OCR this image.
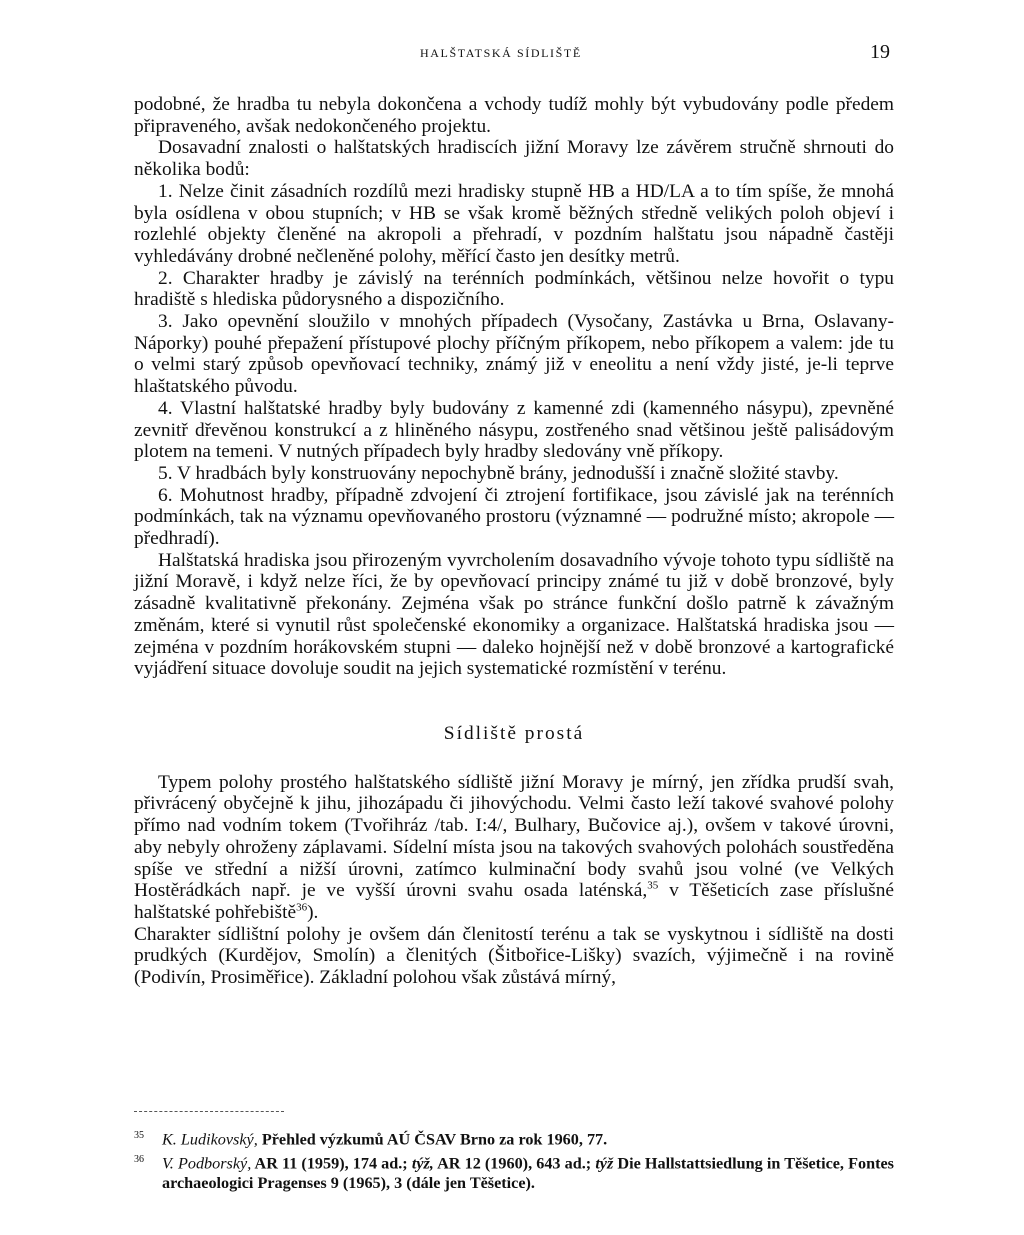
HALŠTATSKÁ SÍDLIŠTĚ	19

podobné, že hradba tu nebyla dokončena a vchody tudíž mohly být vybudovány podle předem připraveného, avšak nedokončeného projektu.

Dosavadní znalosti o halštatských hradiscích jižní Moravy lze závěrem stručně shrnouti do několika bodů:

1. Nelze činit zásadních rozdílů mezi hradisky stupně HB a HD/LA a to tím spíše, že mnohá byla osídlena v obou stupních; v HB se však kromě běžných středně velikých poloh objeví i rozlehlé objekty členěné na akropoli a přehradí, v pozdním halštatu jsou nápadně častěji vyhledávány drobné nečleněné polohy, měřící často jen desítky metrů.

2. Charakter hradby je závislý na terénních podmínkách, většinou nelze hovořit o typu hradiště s hlediska půdorysného a dispozičního.

3. Jako opevnění sloužilo v mnohých případech (Vysočany, Zastávka u Brna, Oslavany-Náporky) pouhé přepažení přístupové plochy příčným příkopem, nebo příkopem a valem: jde tu o velmi starý způsob opevňovací techniky, známý již v eneolitu a není vždy jisté, je-li teprve hlaštatského původu.

4. Vlastní halštatské hradby byly budovány z kamenné zdi (kamenného násypu), zpevněné zevnitř dřevěnou konstrukcí a z hliněného násypu, zostřeného snad většinou ještě palisádovým plotem na temeni. V nutných případech byly hradby sledovány vně příkopy.

5. V hradbách byly konstruovány nepochybně brány, jednodušší i značně složité stavby.

6. Mohutnost hradby, případně zdvojení či ztrojení fortifikace, jsou závislé jak na terénních podmínkách, tak na významu opevňovaného prostoru (významné — podružné místo; akropole — předhradí).

Halštatská hradiska jsou přirozeným vyvrcholením dosavadního vývoje tohoto typu sídliště na jižní Moravě, i když nelze říci, že by opevňovací principy známé tu již v době bronzové, byly zásadně kvalitativně překonány. Zejména však po stránce funkční došlo patrně k závažným změnám, které si vynutil růst společenské ekonomiky a organizace. Halštatská hradiska jsou — zejména v pozdním horákovském stupni — daleko hojnější než v době bronzové a kartografické vyjádření situace dovoluje soudit na jejich systematické rozmístění v terénu.

Sídliště prostá

Typem polohy prostého halštatského sídliště jižní Moravy je mírný, jen zřídka prudší svah, přivrácený obyčejně k jihu, jihozápadu či jihovýchodu. Velmi často leží takové svahové polohy přímo nad vodním tokem (Tvořihráz /tab. I:4/, Bulhary, Bučovice aj.), ovšem v takové úrovni, aby nebyly ohroženy záplavami. Sídelní místa jsou na takových svahových polohách soustředěna spíše ve střední a nižší úrovni, zatímco kulminační body svahů jsou volné (ve Velkých Hostěrádkách např. je ve vyšší úrovni svahu osada laténská,$^{35}$ v Těšeticích zase příslušné halštatské pohřebiště$^{36}$).

Charakter sídlištní polohy je ovšem dán členitostí terénu a tak se vyskytnou i sídliště na dosti prudkých (Kurdějov, Smolín) a členitých (Šitbořice-Lišky) svazích, výjimečně i na rovině (Podivín, Prosiměřice). Základní polohou však zůstává mírný,

35 K. Ludikovský, Přehled výzkumů AÚ ČSAV Brno za rok 1960, 77.

36 V. Podborský, AR 11 (1959), 174 ad.; týž, AR 12 (1960), 643 ad.; týž Die Hallstattsiedlung in Těšetice, Fontes archaeologici Pragenses 9 (1965), 3 (dále jen Těšetice).
